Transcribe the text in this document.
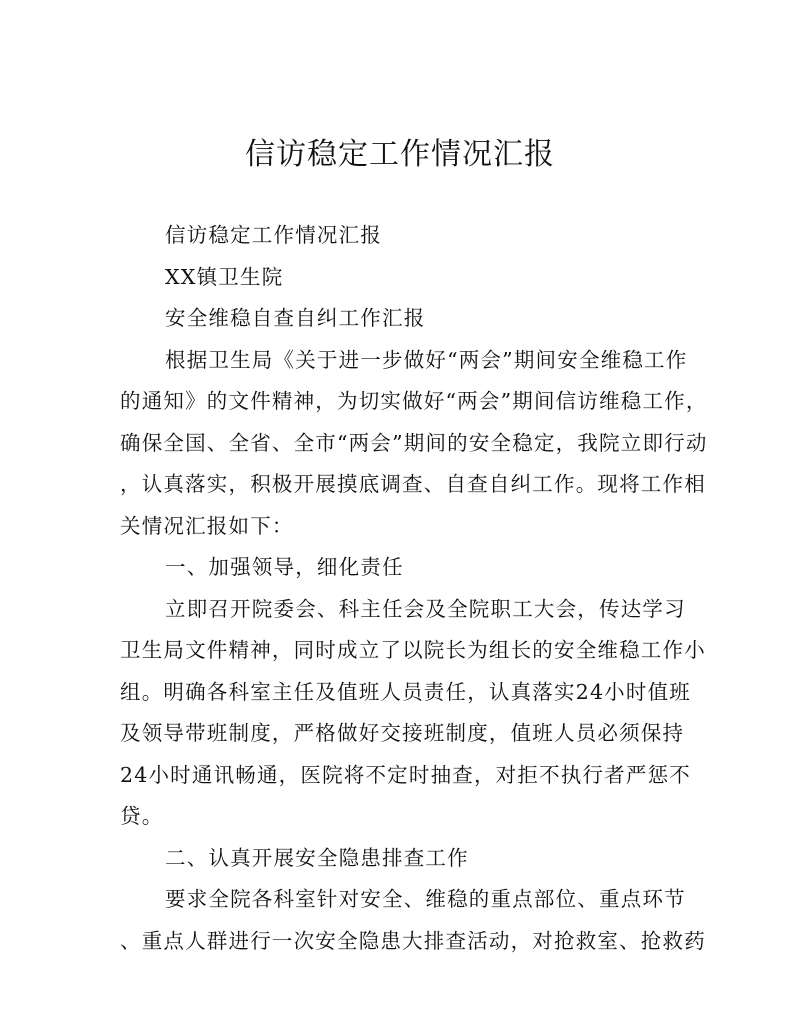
信访稳定工作情况汇报
信访稳定工作情况汇报
XX镇卫生院
安全维稳自查自纠工作汇报
根据卫生局《关于进一步做好“两会”期间安全维稳工作
的通知》的文件精神，为切实做好“两会”期间信访维稳工作，
确保全国、全省、全市“两会”期间的安全稳定，我院立即行动
，认真落实，积极开展摸底调查、自查自纠工作。现将工作相
关情况汇报如下：
一、加强领导，细化责任
立即召开院委会、科主任会及全院职工大会，传达学习
卫生局文件精神，同时成立了以院长为组长的安全维稳工作小
组。明确各科室主任及值班人员责任，认真落实24小时值班
及领导带班制度，严格做好交接班制度，值班人员必须保持
24小时通讯畅通，医院将不定时抽查，对拒不执行者严惩不
贷。
二、认真开展安全隐患排查工作
要求全院各科室针对安全、维稳的重点部位、重点环节
、重点人群进行一次安全隐患大排查活动，对抢救室、抢救药
